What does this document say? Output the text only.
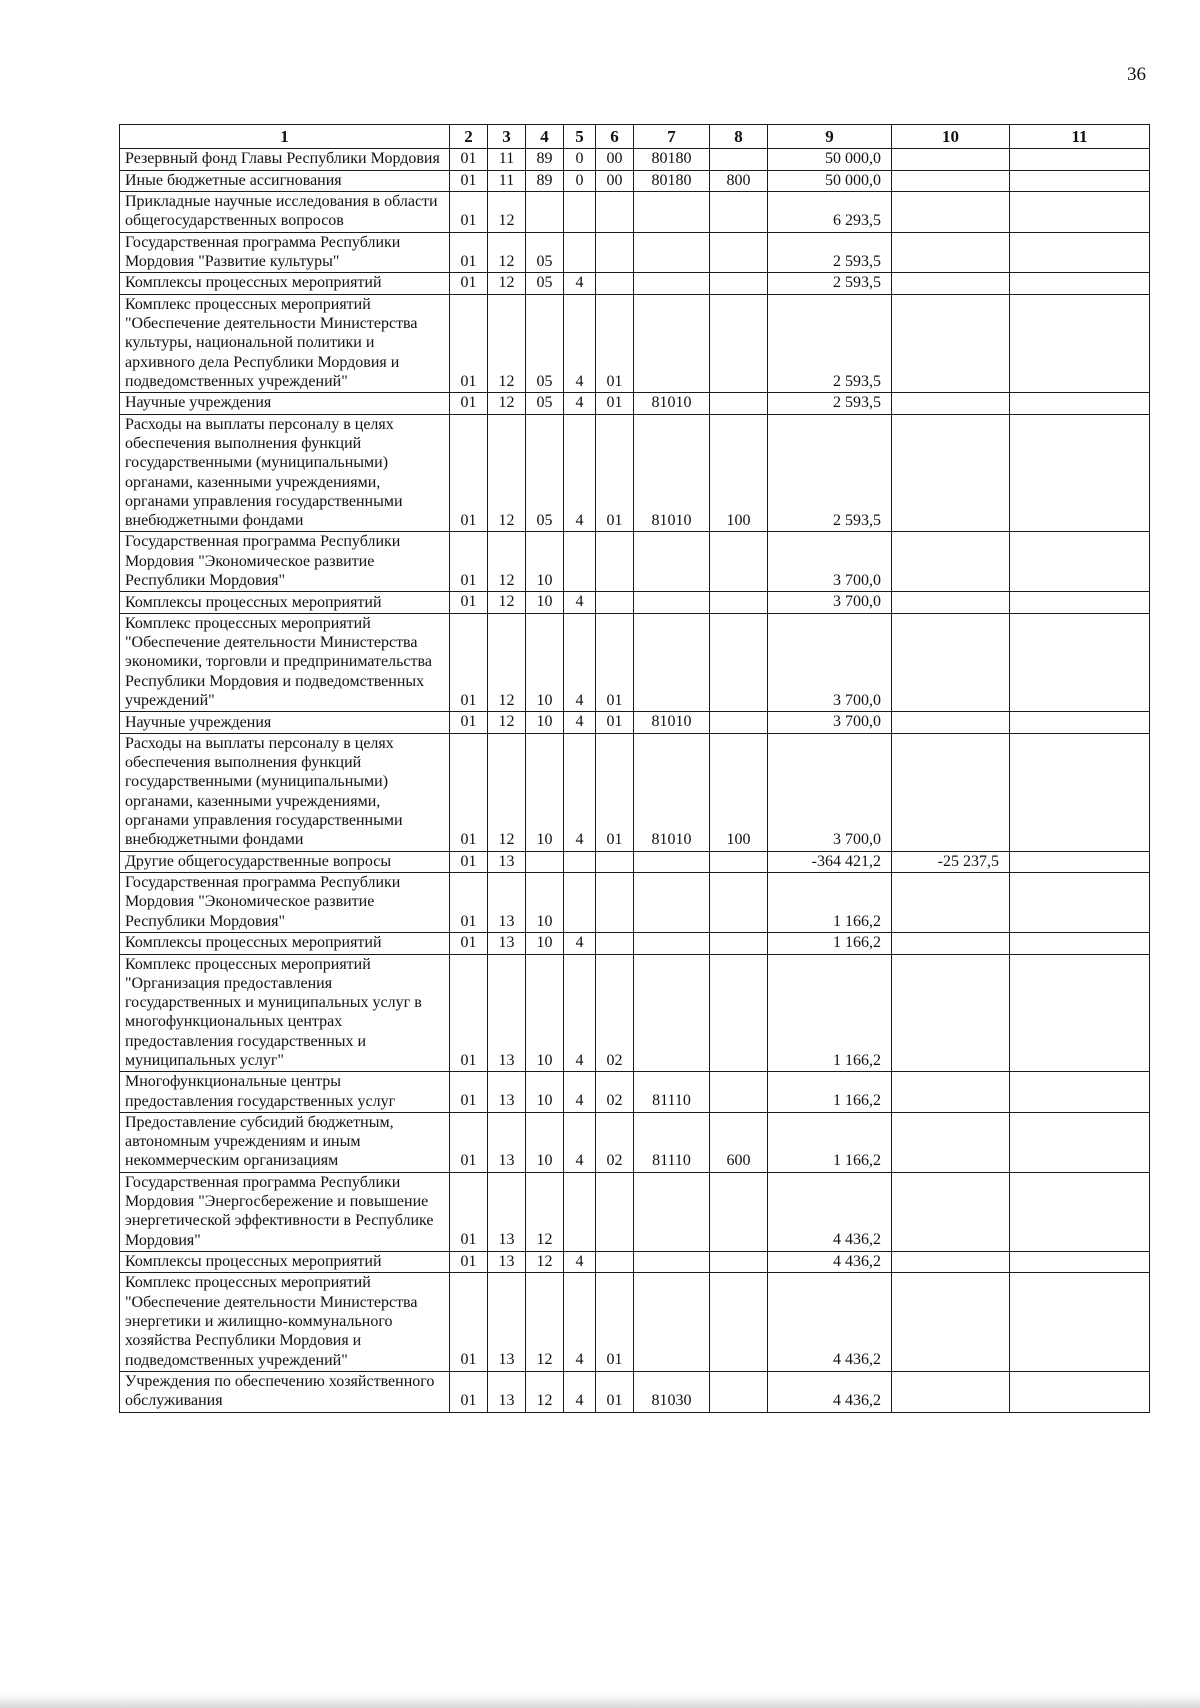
36
1	2	3	4	5	6	7	8	9	10	11
Резервный фонд Главы Республики Мордовия	01	11	89	0	00	80180		50 000,0		
Иные бюджетные ассигнования	01	11	89	0	00	80180	800	50 000,0		
Прикладные научные исследования в области общегосударственных вопросов	01	12						6 293,5		
Государственная программа Республики Мордовия "Развитие культуры"	01	12	05					2 593,5		
Комплексы процессных мероприятий	01	12	05	4				2 593,5		
Комплекс процессных мероприятий "Обеспечение деятельности Министерства культуры, национальной политики и архивного дела Республики Мордовия и подведомственных учреждений"	01	12	05	4	01			2 593,5		
Научные учреждения	01	12	05	4	01	81010		2 593,5		
Расходы на выплаты персоналу в целях обеспечения выполнения функций государственными (муниципальными) органами, казенными учреждениями, органами управления государственными внебюджетными фондами	01	12	05	4	01	81010	100	2 593,5		
Государственная программа Республики Мордовия "Экономическое развитие Республики Мордовия"	01	12	10					3 700,0		
Комплексы процессных мероприятий	01	12	10	4				3 700,0		
Комплекс процессных мероприятий "Обеспечение деятельности Министерства экономики, торговли и предпринимательства Республики Мордовия и подведомственных учреждений"	01	12	10	4	01			3 700,0		
Научные учреждения	01	12	10	4	01	81010		3 700,0		
Расходы на выплаты персоналу в целях обеспечения выполнения функций государственными (муниципальными) органами, казенными учреждениями, органами управления государственными внебюджетными фондами	01	12	10	4	01	81010	100	3 700,0		
Другие общегосударственные вопросы	01	13						-364 421,2	-25 237,5	
Государственная программа Республики Мордовия "Экономическое развитие Республики Мордовия"	01	13	10					1 166,2		
Комплексы процессных мероприятий	01	13	10	4				1 166,2		
Комплекс процессных мероприятий "Организация предоставления государственных и муниципальных услуг в многофункциональных центрах предоставления государственных и муниципальных услуг"	01	13	10	4	02			1 166,2		
Многофункциональные центры предоставления государственных услуг	01	13	10	4	02	81110		1 166,2		
Предоставление субсидий бюджетным, автономным учреждениям и иным некоммерческим организациям	01	13	10	4	02	81110	600	1 166,2		
Государственная программа Республики Мордовия "Энергосбережение и повышение энергетической эффективности в Республике Мордовия"	01	13	12					4 436,2		
Комплексы процессных мероприятий	01	13	12	4				4 436,2		
Комплекс процессных мероприятий "Обеспечение деятельности Министерства энергетики и жилищно-коммунального хозяйства Республики Мордовия и подведомственных учреждений"	01	13	12	4	01			4 436,2		
Учреждения по обеспечению хозяйственного обслуживания	01	13	12	4	01	81030		4 436,2		
